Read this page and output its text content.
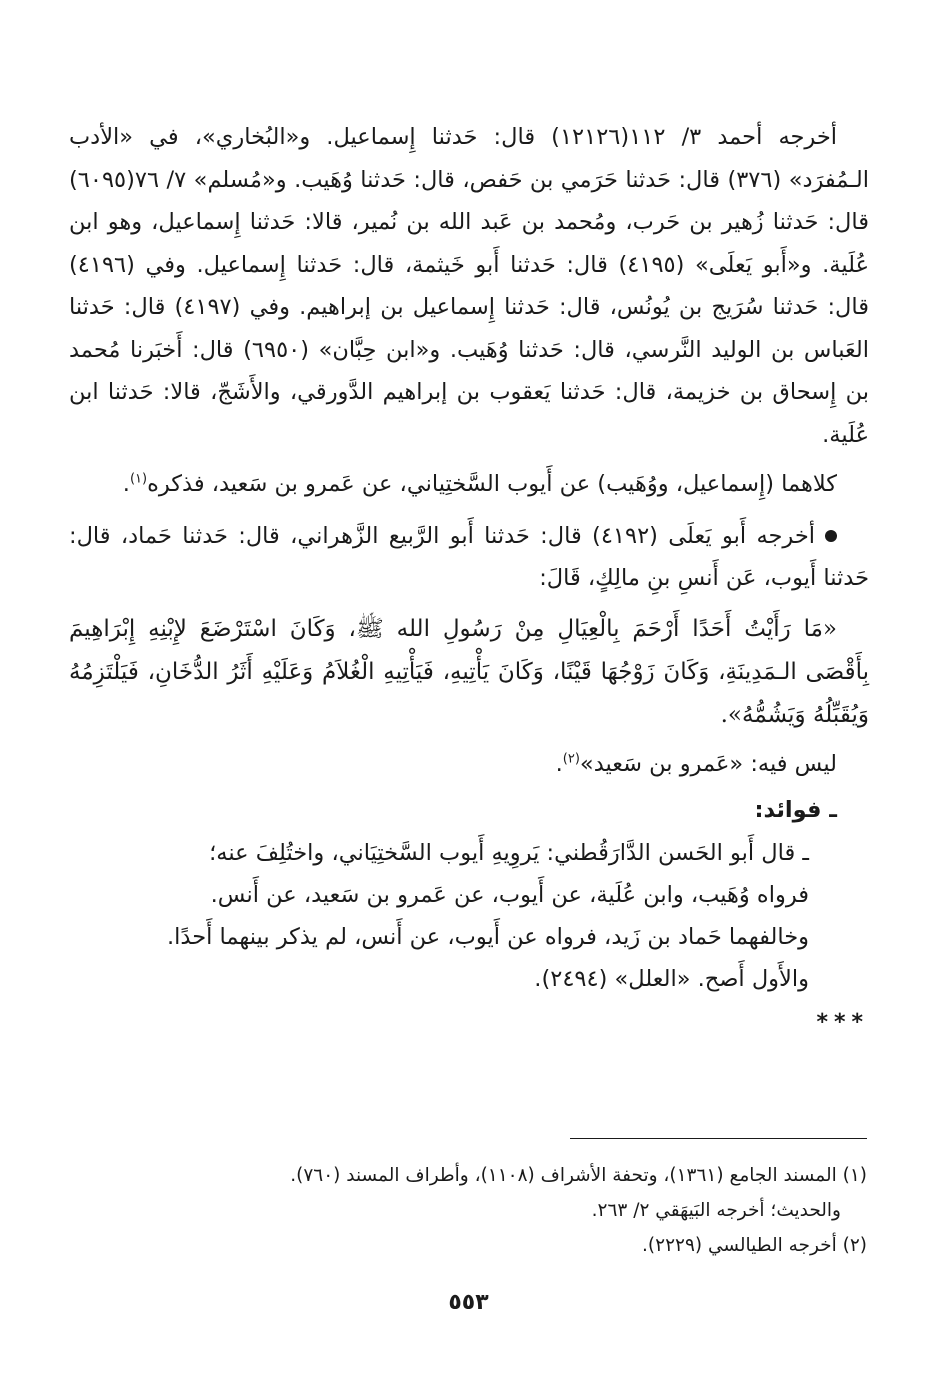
أخرجه أحمد ٣/ ١١٢(١٢١٢٦) قال: حَدثنا إِسماعيل. و«البُخاري»، في «الأدب الـمُفرَد» (٣٧٦) قال: حَدثنا حَرَمي بن حَفص، قال: حَدثنا وُهَيب. و«مُسلم» ٧/ ٧٦(٦٠٩٥) قال: حَدثنا زُهير بن حَرب، ومُحمد بن عَبد الله بن نُمير، قالا: حَدثنا إِسماعيل، وهو ابن عُلَية. و«أَبو يَعلَى» (٤١٩٥) قال: حَدثنا أَبو خَيثمة، قال: حَدثنا إِسماعيل. وفي (٤١٩٦) قال: حَدثنا سُرَيج بن يُونُس، قال: حَدثنا إِسماعيل بن إبراهيم. وفي (٤١٩٧) قال: حَدثنا العَباس بن الوليد النَّرسي، قال: حَدثنا وُهَيب. و«ابن حِبَّان» (٦٩٥٠) قال: أَخبَرنا مُحمد بن إِسحاق بن خزيمة، قال: حَدثنا يَعقوب بن إبراهيم الدَّورقي، والأَشَجّ، قالا: حَدثنا ابن عُلَية.

كلاهما (إِسماعيل، ووُهَيب) عن أَيوب السَّختِياني، عن عَمرو بن سَعيد، فذكره$^{(١)}$.

أخرجه أَبو يَعلَى (٤١٩٢) قال: حَدثنا أَبو الرَّبيع الزَّهراني، قال: حَدثنا حَماد، قال: حَدثنا أَيوب، عَن أَنسِ بنِ مالِكٍ، قَالَ:

«مَا رَأَيْتُ أَحَدًا أَرْحَمَ بِالْعِيَالِ مِنْ رَسُولِ الله ﷺ، وَكَانَ اسْتَرْضَعَ لإِبْنِهِ إِبْرَاهِيمَ بِأَقْصَى الـمَدِينَةِ، وَكَانَ زَوْجُهَا قَيْنًا، وَكَانَ يَأْتِيهِ، فَيَأْتِيهِ الْغُلاَمُ وَعَلَيْهِ أَثَرُ الدُّخَانِ، فَيَلْتَزِمُهُ وَيُقَبِّلُهُ وَيَشُمُّهُ».

ليس فيه: «عَمرو بن سَعيد»$^{(٢)}$.

ـ فوائد:
ـ قال أَبو الحَسن الدَّارَقُطني: يَروِيهِ أَيوب السَّختِيَاني، واختُلِفَ عنه؛
فرواه وُهَيب، وابن عُلَية، عن أَيوب، عن عَمرو بن سَعيد، عن أَنس.
وخالفهما حَماد بن زَيد، فرواه عن أَيوب، عن أَنس، لم يذكر بينهما أَحدًا.
والأَول أَصح. «العلل» (٢٤٩٤).
***
(١) المسند الجامع (١٣٦١)، وتحفة الأشراف (١١٠٨)، وأطراف المسند (٧٦٠).
والحديث؛ أخرجه البَيهَقي ٢/ ٢٦٣.
(٢) أخرجه الطيالسي (٢٢٢٩).
٥٥٣
